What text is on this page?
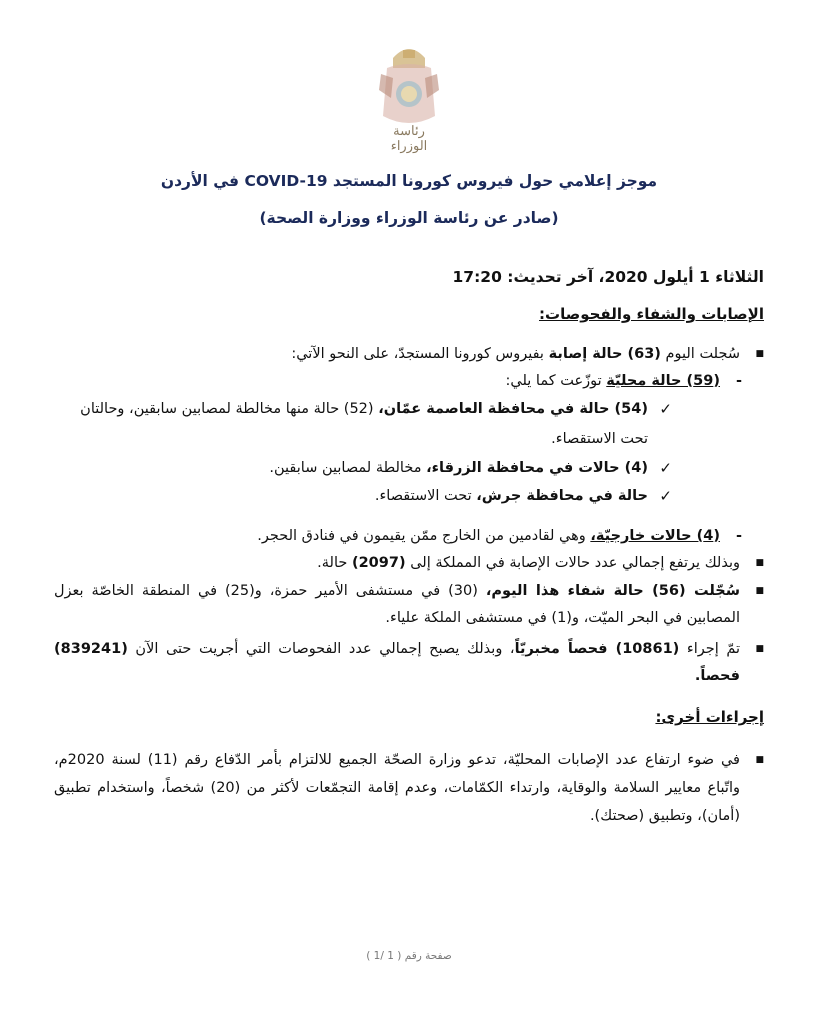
رئاسة الوزراء
موجز إعلامي حول فيروس كورونا المستجد COVID-19 في الأردن
(صادر عن رئاسة الوزراء ووزارة الصحة)
الثلاثاء 1 أيلول 2020، آخر تحديث: 17:20
الإصابات والشفاء والفحوصات:
■
سُجلت اليوم (63) حالة إصابة بفيروس كورونا المستجدّ، على النحو الآتي:
-
(59) حالة محليّة توزّعت كما يلي:
✓
(54) حالة في محافظة العاصمة عمّان، (52) حالة منها مخالطة لمصابين سابقين، وحالتان
تحت الاستقصاء.
✓
(4) حالات في محافظة الزرقاء، مخالطة لمصابين سابقين.
✓
حالة في محافظة جرش، تحت الاستقصاء.
-
(4) حالات خارجيّة، وهي لقادمين من الخارج ممّن يقيمون في فنادق الحجر.
■
وبذلك يرتفع إجمالي عدد حالات الإصابة في المملكة إلى (2097) حالة.
■
سُجّلت (56) حالة شفاء هذا اليوم، (30) في مستشفى الأمير حمزة، و(25) في المنطقة الخاصّة بعزل المصابين في البحر الميّت، و(1) في مستشفى الملكة علياء.
■
تمّ إجراء (10861) فحصاً مخبريّاً، وبذلك يصبح إجمالي عدد الفحوصات التي أجريت حتى الآن (839241) فحصاً.
إجراءات أخرى:
■
في ضوء ارتفاع عدد الإصابات المحليّة، تدعو وزارة الصحّة الجميع للالتزام بأمر الدّفاع رقم (11) لسنة 2020م، واتّباع معايير السلامة والوقاية، وارتداء الكمّامات، وعدم إقامة التجمّعات لأكثر من (20) شخصاً، واستخدام تطبيق (أمان)، وتطبيق (صحتك).
صفحة رقم ( 1 /1 )
